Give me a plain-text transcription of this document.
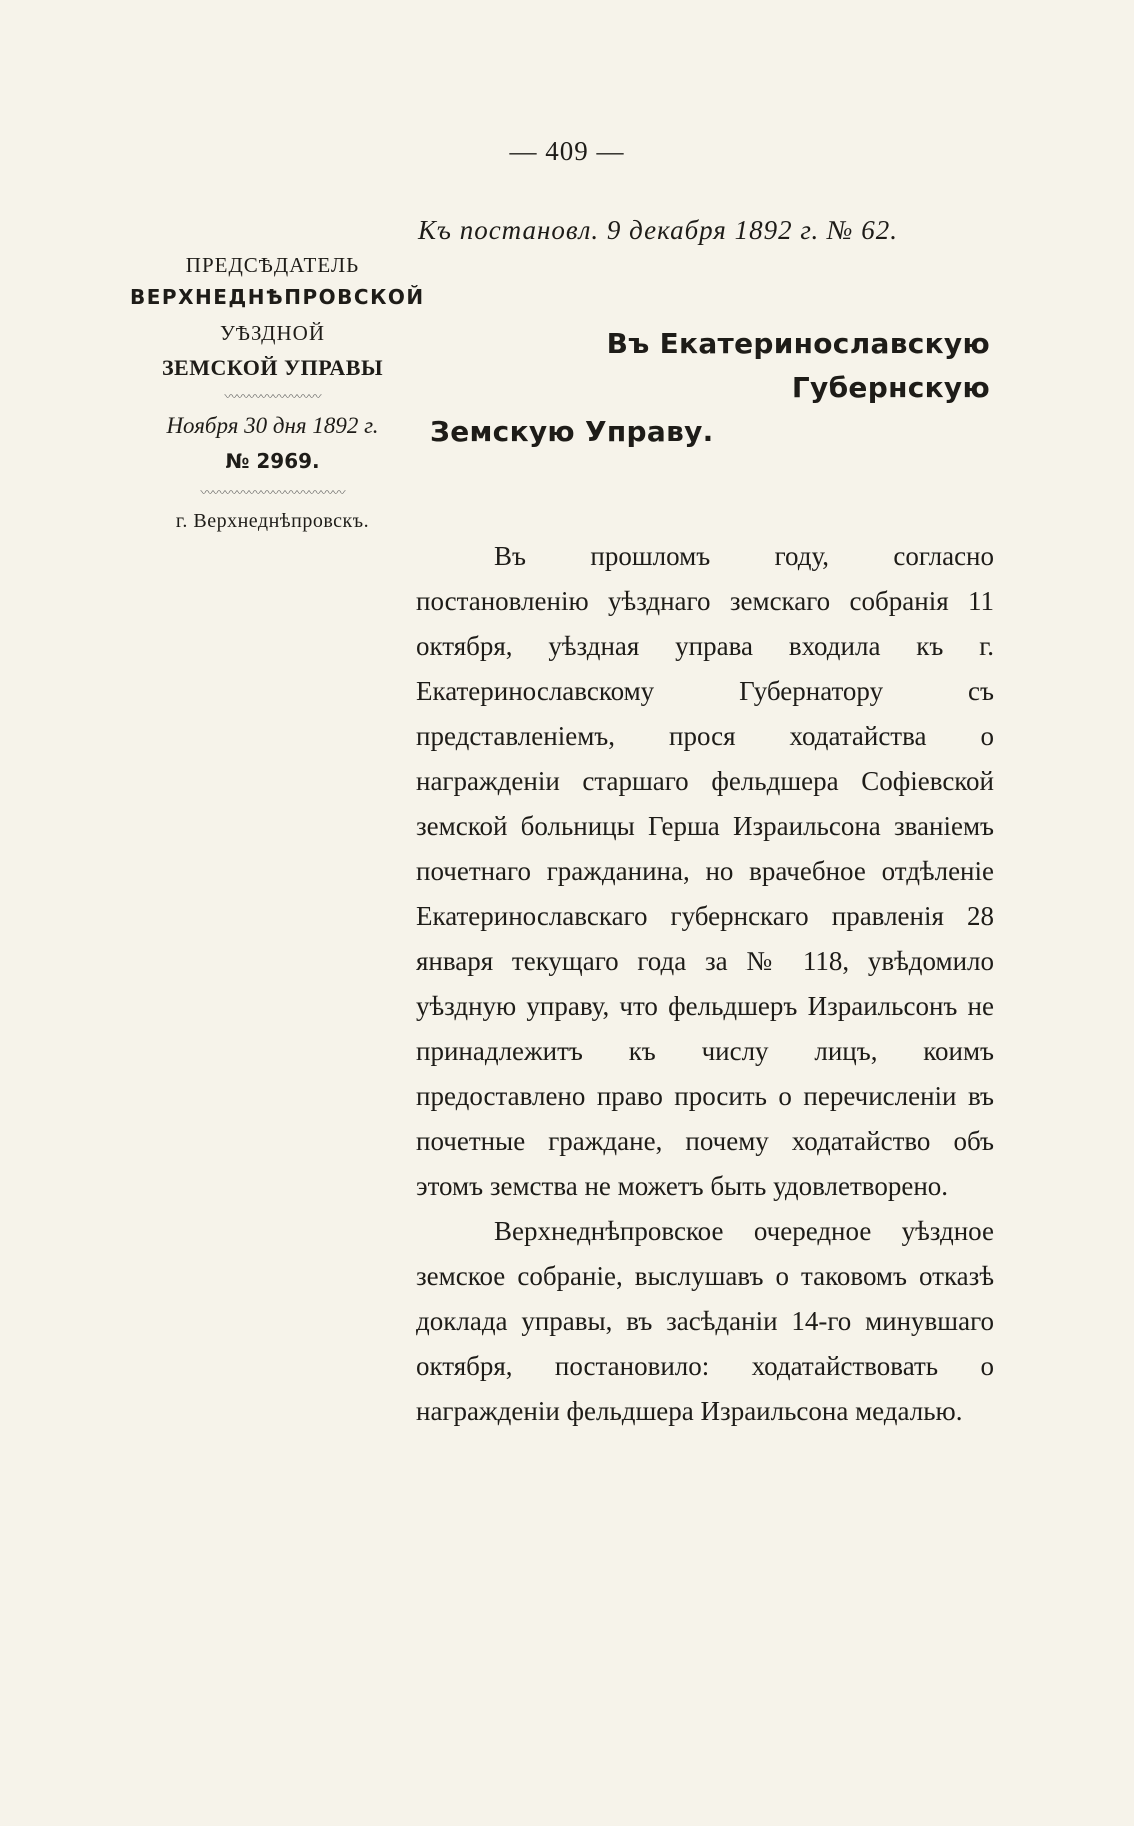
— 409 —
Къ постановл. 9 декабря 1892 г. № 62.
ПРЕДСѢДАТЕЛЬ
ВЕРХНЕДНѢПРОВСКОЙ
УѢЗДНОЙ
ЗЕМСКОЙ УПРАВЫ
〰〰〰〰〰〰〰〰
Ноября 30 дня 1892 г.
№ 2969.
〰〰〰〰〰〰〰〰〰〰〰〰
г. Верхнеднѣпровскъ.
Въ Екатеринославскую Губернскую
Земскую Управу.

Въ прошломъ году, согласно постановленію уѣзднаго земскаго собранія 11 октября, уѣздная управа входила къ г. Екатеринославскому Губернатору съ представленіемъ, прося ходатайства о награжденіи старшаго фельдшера Софіевской земской больницы Герша Израильсона званіемъ почетнаго гражданина, но врачебное отдѣленіе Екатеринославскаго губернскаго правленія 28 января текущаго года за № 118, увѣдомило уѣздную управу, что фельдшеръ Израильсонъ не принадлежитъ къ числу лицъ, коимъ предоставлено право просить о перечисленіи въ почетные граждане, почему ходатайство объ этомъ земства не можетъ быть удовлетворено.

Верхнеднѣпровское очередное уѣздное земское собраніе, выслушавъ о таковомъ отказѣ доклада управы, въ засѣданіи 14-го минувшаго октября, постановило: ходатайствовать о награжденіи фельдшера Израильсона медалью.
